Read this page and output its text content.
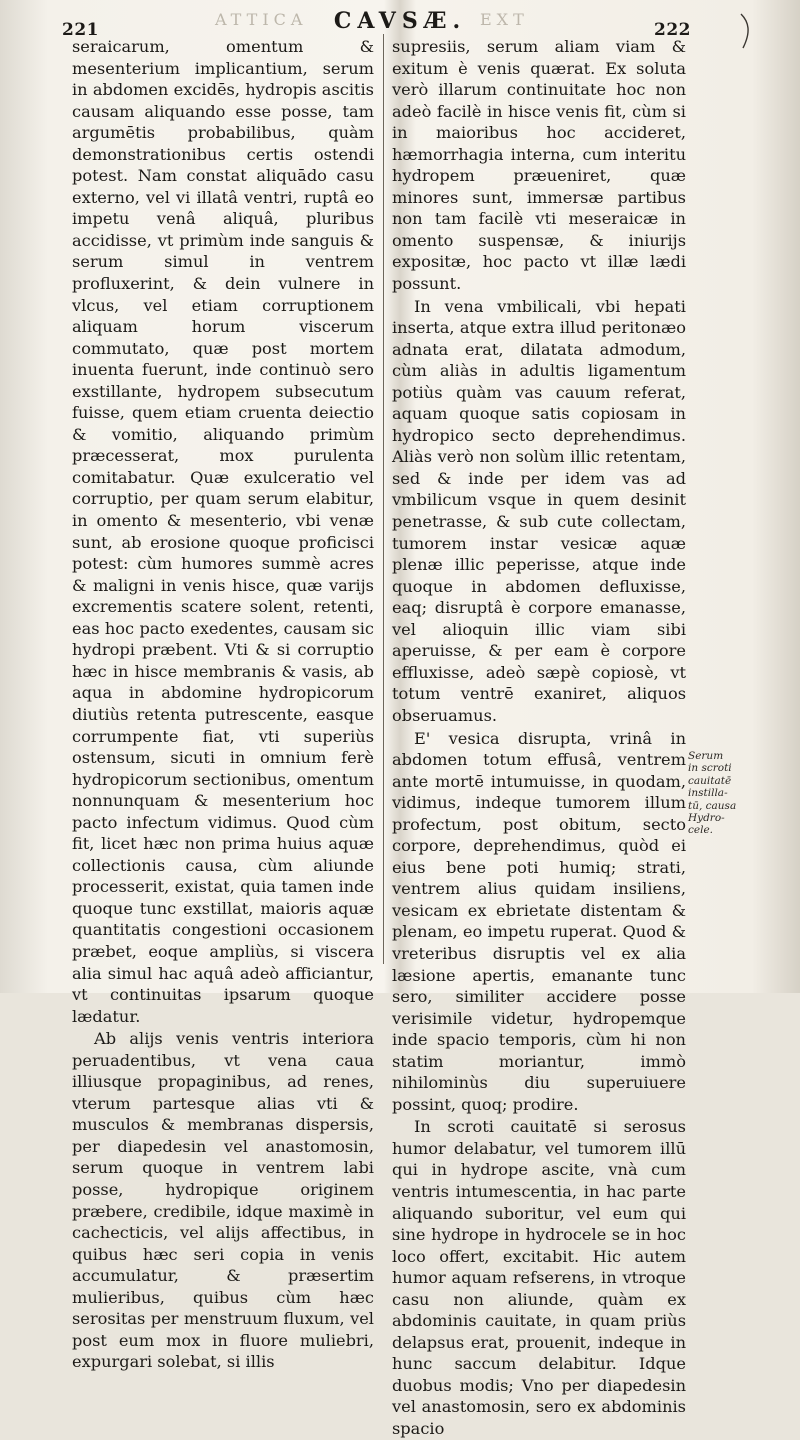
ATTICA	EXT
221	CAVSÆ.	222

seraicarum, omentum & mesenterium implicantium, serum in abdomen excidēs, hydropis ascitis causam aliquando esse posse, tam argumētis probabilibus, quàm demonstrationibus certis ostendi potest. Nam constat aliquādo casu externo, vel vi illatâ ventri, ruptâ eo impetu venâ aliquâ, pluribus accidisse, vt primùm inde sanguis & serum simul in ventrem profluxerint, & dein vulnere in vlcus, vel etiam corruptionem aliquam horum viscerum commutato, quæ post mortem inuenta fuerunt, inde continuò sero exstillante, hydropem subsecutum fuisse, quem etiam cruenta deiectio & vomitio, aliquando primùm præcesserat, mox purulenta comitabatur. Quæ exulceratio vel corruptio, per quam serum elabitur, in omento & mesenterio, vbi venæ sunt, ab erosione quoque proficisci potest: cùm humores summè acres & maligni in venis hisce, quæ varijs excrementis scatere solent, retenti, eas hoc pacto exedentes, causam sic hydropi præbent. Vti & si corruptio hæc in hisce membranis & vasis, ab aqua in abdomine hydropicorum diutiùs retenta putrescente, easque corrumpente fiat, vti superiùs ostensum, sicuti in omnium ferè hydropicorum sectionibus, omentum nonnunquam & mesenterium hoc pacto infectum vidimus. Quod cùm fit, licet hæc non prima huius aquæ collectionis causa, cùm aliunde processerit, existat, quia tamen inde quoque tunc exstillat, maioris aquæ quantitatis congestioni occasionem præbet, eoque ampliùs, si viscera alia simul hac aquâ adeò afficiantur, vt continuitas ipsarum quoque lædatur.

Ab alijs venis ventris interiora peruadentibus, vt vena caua illiusque propaginibus, ad renes, vterum partesque alias vti & musculos & membranas dispersis, per diapedesin vel anastomosin, serum quoque in ventrem labi posse, hydropique originem præbere, credibile, idque maximè in cachecticis, vel alijs affectibus, in quibus hæc seri copia in venis accumulatur, & præsertim mulieribus, quibus cùm hæc serositas per menstruum fluxum, vel post eum mox in fluore muliebri, expurgari solebat, si illis

supresiis, serum aliam viam & exitum è venis quærat. Ex soluta verò illarum continuitate hoc non adeò facilè in hisce venis fit, cùm si in maioribus hoc accideret, hæmorrhagia interna, cum interitu hydropem præueniret, quæ minores sunt, immersæ partibus non tam facilè vti meseraicæ in omento suspensæ, & iniurijs expositæ, hoc pacto vt illæ lædi possunt.

In vena vmbilicali, vbi hepati inserta, atque extra illud peritonæo adnata erat, dilatata admodum, cùm aliàs in adultis ligamentum potiùs quàm vas cauum referat, aquam quoque satis copiosam in hydropico secto deprehendimus. Aliàs verò non solùm illic retentam, sed & inde per idem vas ad vmbilicum vsque in quem desinit penetrasse, & sub cute collectam, tumorem instar vesicæ aquæ plenæ illic peperisse, atque inde quoque in abdomen defluxisse, eaq; disruptâ è corpore emanasse, vel alioquin illic viam sibi aperuisse, & per eam è corpore effluxisse, adeò sæpè copiosè, vt totum ventrē exaniret, aliquos obseruamus.

E' vesica disrupta, vrinâ in abdomen totum effusâ, ventrem ante mortē intumuisse, in quodam, vidimus, indeque tumorem illum profectum, post obitum, secto corpore, deprehendimus, quòd ei eius bene poti humiq; strati, ventrem alius quidam insiliens, vesicam ex ebrietate distentam & plenam, eo impetu ruperat. Quod & vreteribus disruptis vel ex alia læsione apertis, emanante tunc sero, similiter accidere posse verisimile videtur, hydropemque inde spacio temporis, cùm hi non statim moriantur, immò nihilominùs diu superuiuere possint, quoq; prodire.

In scroti cauitatē si serosus humor delabatur, vel tumorem illū qui in hydrope ascite, vnà cum ventris intumescentia, in hac parte aliquando suboritur, vel eum qui sine hydrope in hydrocele se in hoc loco offert, excitabit. Hic autem humor aquam refserens, in vtroque casu non aliunde, quàm ex abdominis cauitate, in quam priùs delapsus erat, prouenit, indeque in hunc saccum delabitur. Idque duobus modis; Vno per diapedesin vel anastomosin, sero ex abdominis spacio

Serum
in scroti
cauitatē
instilla-
tū, causa
Hydro-
cele.
